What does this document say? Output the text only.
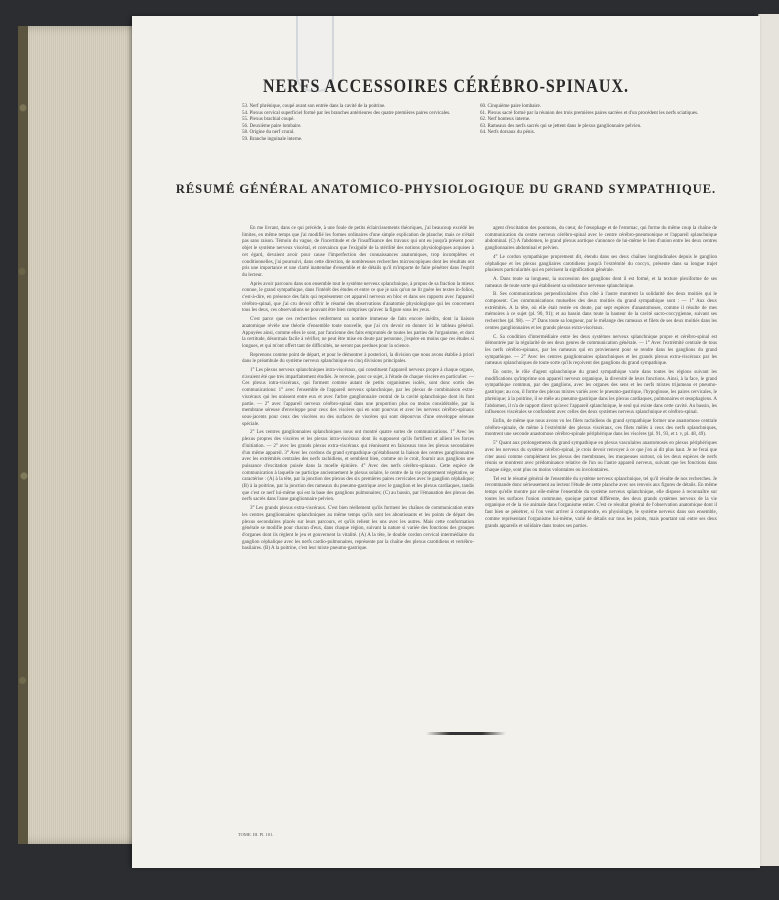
NERFS ACCESSOIRES CÉRÉBRO-SPINAUX.
53. Nerf phrénique, coupé avant son entrée dans la cavité de la poitrine.
54. Plexus cervical superficiel formé par les branches antérieures des quatre premières paires cervicales.
55. Plexus brachial coupé.
56. Deuxième paire lombaire.
58. Origine du nerf crural.
59. Branche inguinale interne.
60. Cinquième paire lombaire.
61. Plexus sacré formé par la réunion des trois premières paires sacrées et d'un procédent les nerfs sciatiques.
62. Nerf honteux interne.
63. Rameaux des nerfs sacrés qui se jettent dans le plexus ganglionnaire pelvien.
64. Nerfs dorsaux du pénis.
RÉSUMÉ GÉNÉRAL ANATOMICO-PHYSIOLOGIQUE DU GRAND SYMPATHIQUE.

En me livrant, dans ce qui précède, à une foule de petits éclaircissements théoriques, j'ai beaucoup excédé les limites, en même temps que j'ai modifié les formes ordinaires d'une simple explication de planche; mais ce n'était pas sans raison. Témoin du vague, de l'incertitude et de l'insuffisance des travaux qui ont eu jusqu'à présent pour objet le système nerveux viscéral, et convaincu que l'exiguïté de la stérilité des notions physiologiques acquises à cet égard, devaient avoir pour cause l'imperfection des connaissances anatomiques, trop incomplètes et conditionnelles, j'ai poursuivi, dans cette direction, de nombreuses recherches microscopiques dont les résultats ont pris une importance et une clarté inattendue d'ensemble et de détails qu'il m'importe de faire pénétrer dans l'esprit du lecteur.

Après avoir parcouru dans son ensemble tout le système nerveux splanchnique, à propos de sa fraction la mieux connue, le grand sympathique, dans l'intérêt des études et entre ce que je sais qu'un ne lit guère les textes in-folios, c'est-à-dire, en présence des faits qui représentent cet appareil nerveux en bloc et dans ses rapports avec l'appareil cérébro-spinal, que j'ai cru devoir offrir le résumé des observations d'anatomie physiologique qui les concernent tous les deux, ces observations ne pouvant être bien comprises qu'avec la figure sous les yeux.

C'est parce que ces recherches renferment un nombre immense de faits encore inédits, dont la liaison anatomique révèle une théorie d'ensemble toute nouvelle, que j'ai cru devoir en donner ici le tableau général. Appuyées ainsi, comme elles le sont, par l'ancienne des faits empruntés de toutes les parties de l'organisme, et dont la certitude, désormais facile à vérifier, ne peut être mise en doute par personne, j'espère en moins que ces études si longues, et qui m'ont offert tant de difficultés, ne seront pas perdues pour la science.

Reprenons comme point de départ, et pour le démontrer à posteriori, la division que nous avons établie à priori dans le préambule du système nerveux splanchnique en cinq divisions principales.

1° Les plexus nerveux splanchniques intra-viscéraux, qui constituent l'appareil nerveux propre à chaque organe, n'avaient été que très imparfaitement étudiés. Je renvoie, pour ce sujet, à l'étude de chaque viscère en particulier. — Ces plexus intra-viscéraux, qui forment comme autant de petits organismes isolés, sont donc sortis des communications: 1° avec l'ensemble de l'appareil nerveux splanchnique, par les plexus de combinaison extra-viscéraux qui les unissent entre eux et avec l'arbre ganglionnaire central de la cavité splanchnique dont ils font partie. — 2° avec l'appareil nerveux cérébro-spinal dans une proportion plus ou moins considérable, par la membrane séreuse d'enveloppe pour ceux des viscères qui en sont pourvus et avec les nerveux cérébro-spinaux sous-jacents pour ceux des viscères ou des surfaces de viscères qui sont dépourvus d'une enveloppe séreuse spéciale.

2° Les centres ganglionnaires splanchniques nous ont montré quatre sortes de communications. 1° Avec les plexus propres des viscères et les plexus intra-viscéraux dont ils supposent qu'ils fortifient et allient les forces d'initiation. — 2° avec les grands plexus extra-viscéraux qui réunissent en faisceaux tous les plexus secondaires d'un même appareil. 3° Avec les cordons du grand sympathique qu'établissent la liaison des centres ganglionnaires avec les extrémités centrales des nerfs rachidiens, et semblent bien, comme on le croit, fournir aux ganglions une puissance d'excitation puisée dans la moelle épinière. 4° Avec des nerfs cérébro-spinaux. Cette espèce de communication à laquelle ne participe anciennement le plexus solaire, le centre de la vie proprement végétative, se caractérise : (A) à la tête, par la jonction des plexus des six premières paires cervicales avec le ganglion céphalique; (B) à la poitrine, par la jonction des rameaux du pneumo-gastrique avec le ganglion et les plexus cardiaques, tandis que c'est ce nerf lui-même qui est la base des ganglions pulmonaires; (C) au bassin, par l'émanation des plexus des nerfs sacrés dans l'anse ganglionnaire pelvien.

3° Les grands plexus extra-viscéraux. C'est bien réellement qu'ils forment les chaînes de communication entre les centres ganglionnaires splanchniques au même temps qu'ils sont les aboutissants et les points de départ des plexus secondaires placés sur leurs parcours, et qu'ils relient les uns avec les autres. Mais cette conformation générale se modifie pour chacun d'eux, dans chaque région, suivant la nature si variée des fonctions des groupes d'organes dont ils règlent le jeu et gouvernent la vitalité. (A) A la tête, le double cordon cervical intermédiaire du ganglion céphalique avec les nerfs cardio-pulmonaires, représente par la chaîne des plexus carotidiens et vertébro-basilaires. (B) A la poitrine, c'est leur mixte pneumo-gastrique.

agent d'excitation des poumons, du cœur, de l'œsophage et de l'estomac, qui forme du même coup la chaîne de communication du centre nerveux cérébro-spinal avec le centre cérébro-pneumonique et l'appareil splanchnique abdominal. (C) A l'abdomen, le grand plexus aortique s'annonce de lui-même le lien d'union entre les deux centres ganglionnaires abdominal et pelvien.

4° Le cordon sympathique proprement dit, étendu dans ses deux chaînes longitudinales depuis le ganglion céphalique et les plexus gangliaires carotidiens jusqu'à l'extrémité du coccyx, présente dans sa longue trajet plusieurs particularités qui en précisent la signification générale.

A. Dans toute sa longueur, la succession des ganglions dont il est formé, et la texture plexiforme de ses rameaux de toute sorte qui établissent sa substance nerveuse splanchnique.

B. Ses communications perpendiculaires d'un côté à l'autre montrent la solidarité des deux moitiés qui le composent. Ces communications mutuelles des deux moitiés du grand sympathique sont : — 1° Aux deux extrémités. A la tête, où elle était restée en doute, par sept espèces d'anastomoses, comme il résulte de mes mémoires à ce sujet (pl. 90, 91); et au bassin dans toute la hauteur de la cavité sacro-coccygienne, suivant ses recherches (pl. 98). — 2° Dans toute sa longueur, par le mélange des rameaux et filets de ses deux moitiés dans les centres ganglionnaires et les grands plexus extra-viscéraux.

C. Sa condition d'intermédiaire entre les deux systèmes nerveux splanchnique propre et cérébro-spinal est démontrée par la régularité de ses deux genres de communication générale. — 1° Avec l'extrémité centrale de tous les nerfs cérébro-spinaux, par les rameaux qui en proviennent pour se rendre dans les ganglions du grand sympathique. — 2° Avec les centres ganglionnaires splanchniques et les grands plexus extra-viscéraux par les rameaux splanchniques de toute sorte qu'ils reçoivent des ganglions du grand sympathique.

En outre, le rôle d'agent splanchnique du grand sympathique varie dans toutes les régions suivant les modifications qu'imprime son appareil nerveux organique, la diversité de leurs fonctions. Ainsi, à la face, le grand sympathique commun, par des ganglions, avec les organes des sens et les nerfs mixtes trijumeau et pneumo-gastrique; au cou, il forme des plexus mixtes variés avec le pneumo-gastrique, l'hypoglosse, les paires cervicales, le phrénique; à la poitrine, il se mêle au pneumo-gastrique dans les plexus cardiaques, pulmonaires et œsophagiens. A l'abdomen, il n'a de rapport direct qu'avec l'appareil splanchnique, le seul qui existe dans cette cavité. Au bassin, les influences viscérales se confondent avec celles des deux systèmes nerveux splanchnique et cérébro-spinal.

Enfin, de même que nous avons vu les filets rachidiens du grand sympathique former une anastomose centrale cérébro-spinale, de même à l'extrémité des plexus viscéraux, ces filets mêlés à ceux des nerfs splanchniques, montrent une seconde anastomose cérébro-spinale périphérique dans les viscères (pl. 91, 93, et t. v, pl. 48, 49).

5° Quant aux prolongements du grand sympathique en plexus vasculaires anastomosés en plexus périphériques avec les nerveux du système cérébro-spinal, je crois devoir renvoyer à ce que j'en ai dit plus haut. Je ne ferai que citer aussi comme complément les plexus des membranes, les muqueuses surtout, où les deux espèces de nerfs réunis se montrent avec prédominance relative de l'un ou l'autre appareil nerveux, suivant que les fonctions dans chaque siège, sont plus ou moins volontaires ou involontaires.

Tel est le résumé général de l'ensemble du système nerveux splanchnique, tel qu'il résulte de nos recherches. Je recommande donc sérieusement au lecteur l'étude de cette planche avec ses renvois aux figures de détails. En même temps qu'elle montre par elle-même l'ensemble du système nerveux splanchnique, elle dispose à reconnaître sur toutes les surfaces l'union commune, quoique partout différente, des deux grands systèmes nerveux de la vie organique et de la vie animale dans l'organisme entier. C'est ce résultat général de l'observation anatomique dont il faut bien se pénétrer, si l'on veut arriver à comprendre, en physiologie, le système nerveux dans son ensemble, comme représentant l'organisme lui-même, varié de détails sur tous les points, mais pourtant uni entre ses deux grands appareils et solidaire dans toutes ses parties.

TOME. III. Pl. 101.
